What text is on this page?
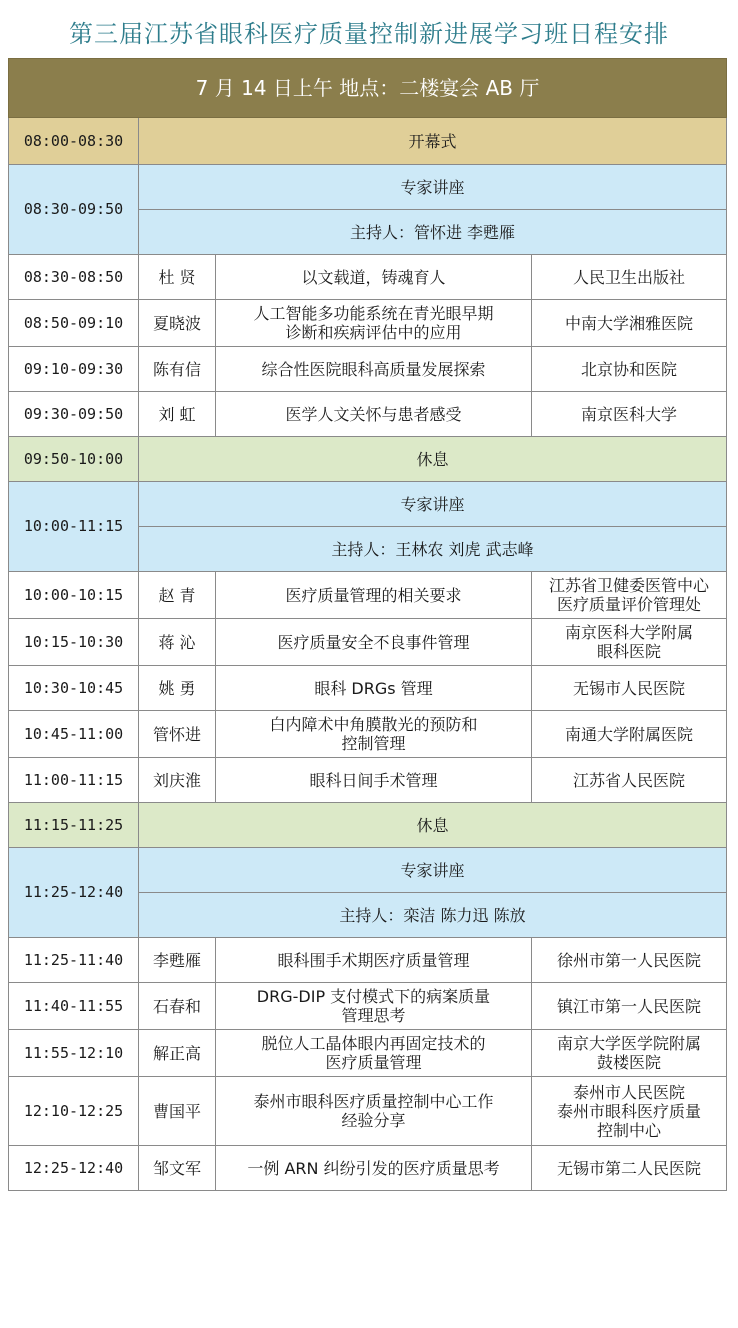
第三届江苏省眼科医疗质量控制新进展学习班日程安排
7 月 14 日上午 地点：二楼宴会 AB 厅			
08:00-08:30	开幕式		
08:30-09:50	专家讲座		
	主持人：管怀进 李甦雁		
08:30-08:50	杜 贤	以文载道，铸魂育人	人民卫生出版社
08:50-09:10	夏晓波	人工智能多功能系统在青光眼早期
诊断和疾病评估中的应用	中南大学湘雅医院
09:10-09:30	陈有信	综合性医院眼科高质量发展探索	北京协和医院
09:30-09:50	刘 虹	医学人文关怀与患者感受	南京医科大学
09:50-10:00	休息		
10:00-11:15	专家讲座		
	主持人：王林农 刘虎 武志峰		
10:00-10:15	赵 青	医疗质量管理的相关要求	江苏省卫健委医管中心
医疗质量评价管理处

10:15-10:30	蒋 沁	医疗质量安全不良事件管理	南京医科大学附属
眼科医院

10:30-10:45	姚 勇	眼科 DRGs 管理	无锡市人民医院
10:45-11:00	管怀进	白内障术中角膜散光的预防和
控制管理	南通大学附属医院
11:00-11:15	刘庆淮	眼科日间手术管理	江苏省人民医院
11:15-11:25	休息		
11:25-12:40	专家讲座		
	主持人：栾洁 陈力迅 陈放		
11:25-11:40	李甦雁	眼科围手术期医疗质量管理	徐州市第一人民医院
11:40-11:55	石春和	DRG-DIP 支付模式下的病案质量
管理思考	镇江市第一人民医院
11:55-12:10	解正高	脱位人工晶体眼内再固定技术的
医疗质量管理	南京大学医学院附属
鼓楼医院

12:10-12:25	曹国平	泰州市眼科医疗质量控制中心工作
经验分享	泰州市人民医院
泰州市眼科医疗质量
控制中心

12:25-12:40	邹文军	一例 ARN 纠纷引发的医疗质量思考	无锡市第二人民医院
